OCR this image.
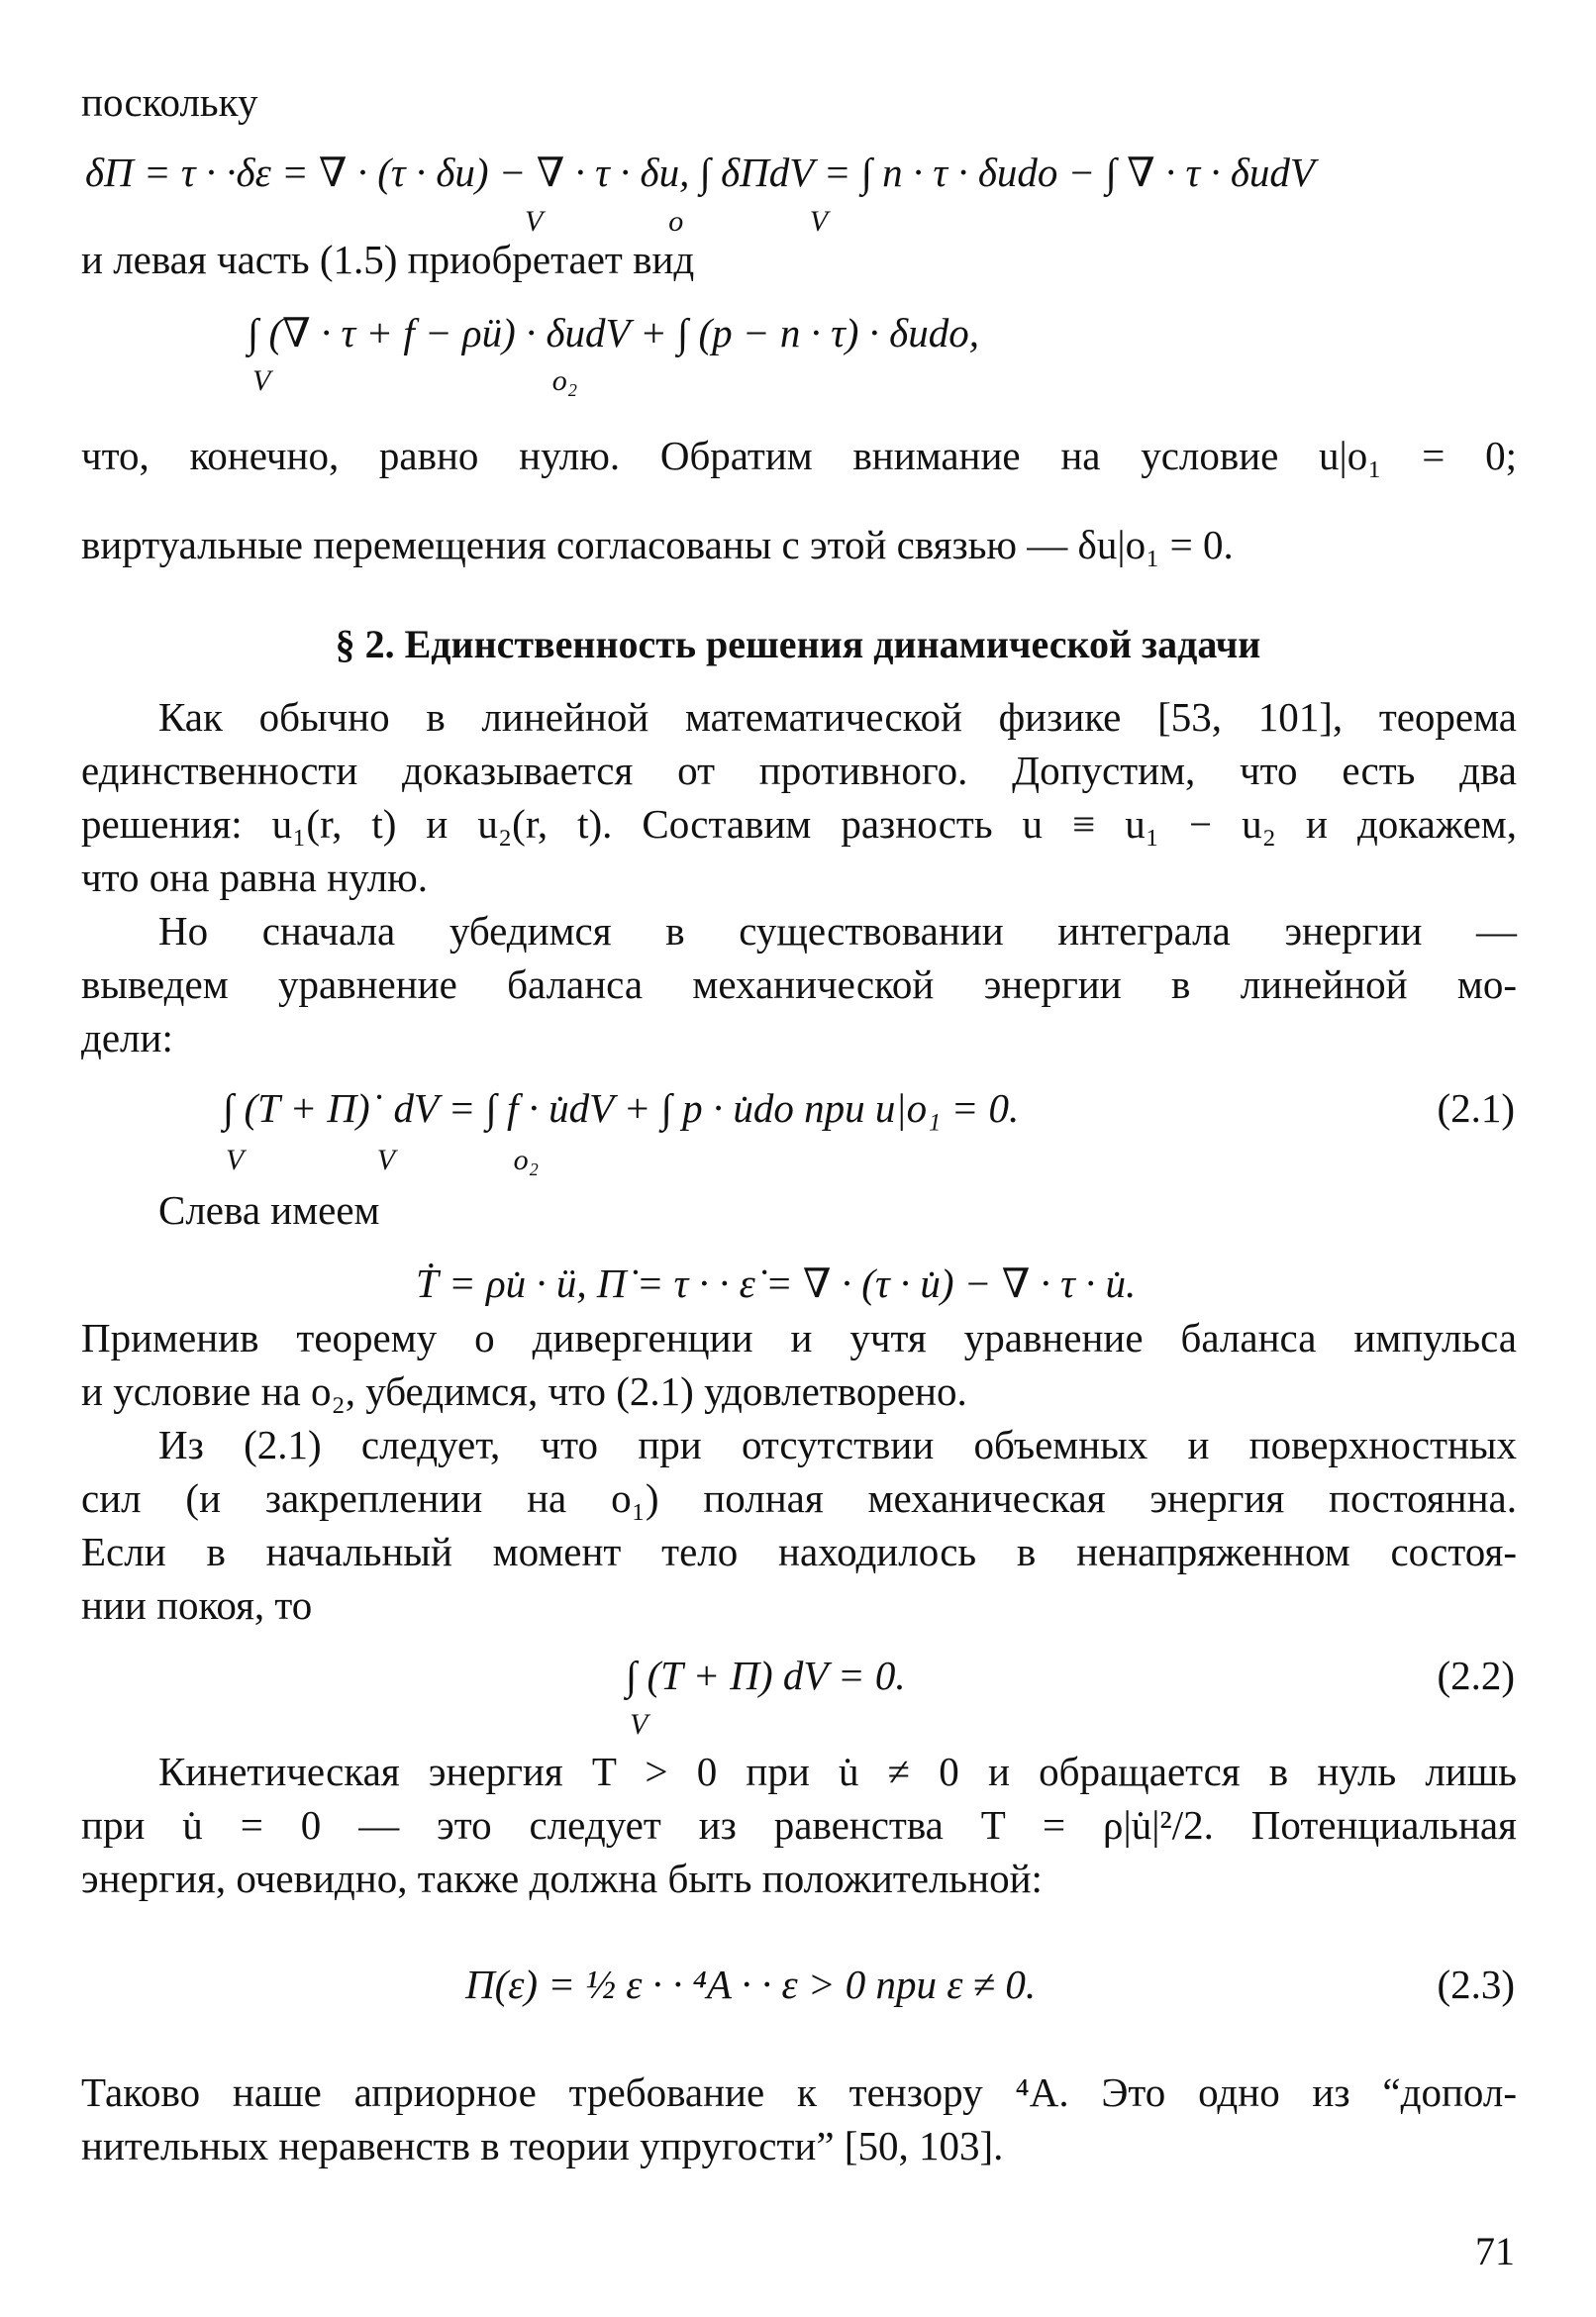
поскольку
δΠ = τ · ·δε = ∇ · (τ · δu) − ∇ · τ · δu, ∫ δΠdV = ∫ n · τ · δudo − ∫ ∇ · τ · δudV
V                 o                 V
и левая часть (1.5) приобретает вид
∫ (∇ · τ + f − ρü) · δudV + ∫ (p − n · τ) · δudo,
V                                      o₂
что, конечно, равно нулю. Обратим внимание на условие u|o₁ = 0;
виртуальные перемещения согласованы с этой связью — δu|o₁ = 0.
§ 2. Единственность решения динамической задачи
Как обычно в линейной математической физике [53, 101], теорема
единственности доказывается от противного. Допустим, что есть два
решения: u₁(r, t) и u₂(r, t). Составим разность u ≡ u₁ − u₂ и докажем,
что она равна нулю.
Но сначала убедимся в существовании интеграла энергии —
выведем уравнение баланса механической энергии в линейной мо-
дели:
∫ (T + Π)˙ dV = ∫ f · u̇dV + ∫ p · u̇do при u|o₁ = 0.	(2.1)
V                  V                o₂
Слева имеем
Ṫ = ρu̇ · ü, Π̇ = τ · · ε̇ = ∇ · (τ · u̇) − ∇ · τ · u̇.
Применив теорему о дивергенции и учтя уравнение баланса импульса
и условие на o₂, убедимся, что (2.1) удовлетворено.
Из (2.1) следует, что при отсутствии объемных и поверхностных
сил (и закреплении на o₁) полная механическая энергия постоянна.
Если в начальный момент тело находилось в ненапряженном состоя-
нии покоя, то
∫ (T + Π) dV = 0.	(2.2)
V
Кинетическая энергия T > 0 при u̇ ≠ 0 и обращается в нуль лишь
при u̇ = 0 — это следует из равенства T = ρ|u̇|²/2. Потенциальная
энергия, очевидно, также должна быть положительной:
Π(ε) = ½ ε · · ⁴A · · ε > 0 при ε ≠ 0.	(2.3)
Таково наше априорное требование к тензору ⁴A. Это одно из “допол-
нительных неравенств в теории упругости” [50, 103].
71
